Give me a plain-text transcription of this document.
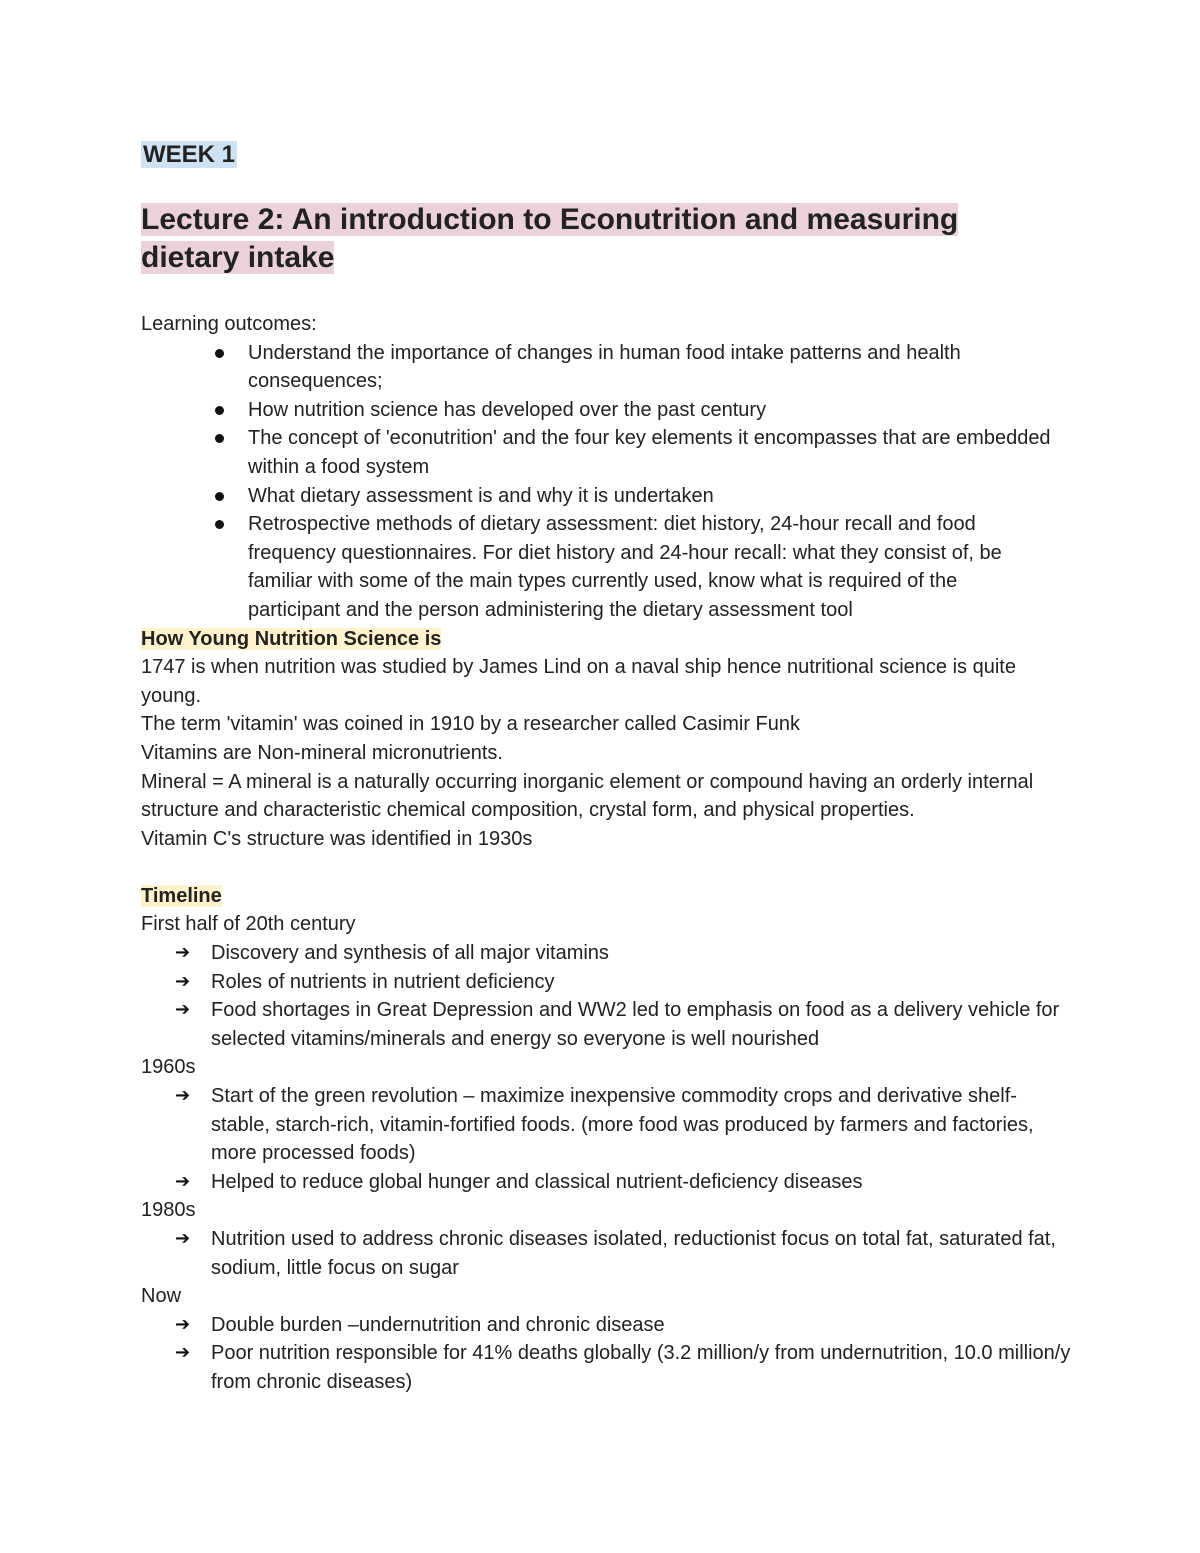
WEEK 1
Lecture 2: An introduction to Econutrition and measuring dietary intake

Learning outcomes:

Understand the importance of changes in human food intake patterns and health consequences;
How nutrition science has developed over the past century
The concept of 'econutrition' and the four key elements it encompasses that are embedded within a food system
What dietary assessment is and why it is undertaken
Retrospective methods of dietary assessment: diet history, 24-hour recall and food frequency questionnaires. For diet history and 24-hour recall: what they consist of, be familiar with some of the main types currently used, know what is required of the participant and the person administering the dietary assessment tool

How Young Nutrition Science is

1747 is when nutrition was studied by James Lind on a naval ship hence nutritional science is quite young.

The term 'vitamin' was coined in 1910 by a researcher called Casimir Funk

Vitamins are Non-mineral micronutrients.

Mineral = A mineral is a naturally occurring inorganic element or compound having an orderly internal structure and characteristic chemical composition, crystal form, and physical properties.

Vitamin C's structure was identified in 1930s

Timeline

First half of 20th century

➔ Discovery and synthesis of all major vitamins
➔ Roles of nutrients in nutrient deficiency
➔ Food shortages in Great Depression and WW2 led to emphasis on food as a delivery vehicle for selected vitamins/minerals and energy so everyone is well nourished

1960s

➔ Start of the green revolution – maximize inexpensive commodity crops and derivative shelf-stable, starch-rich, vitamin-fortified foods. (more food was produced by farmers and factories, more processed foods)
➔ Helped to reduce global hunger and classical nutrient-deficiency diseases

1980s

➔ Nutrition used to address chronic diseases isolated, reductionist focus on total fat, saturated fat, sodium, little focus on sugar

Now

➔ Double burden –undernutrition and chronic disease
➔ Poor nutrition responsible for 41% deaths globally (3.2 million/y from undernutrition, 10.0 million/y from chronic diseases)
